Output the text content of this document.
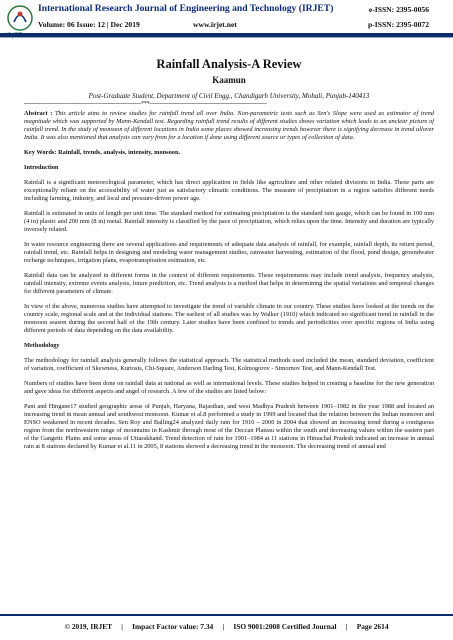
International Research Journal of Engineering and Technology (IRJET)	e-ISSN: 2395-0056
Volume: 06 Issue: 12 | Dec 2019	www.irjet.net	p-ISSN: 2395-0072
Rainfall Analysis-A Review
Kaamun
Post-Graduate Student, Department of Civil Engg., Chandigarh University, Mohali, Punjab-140413
---------------------------------------------------------------------***---------------------------------------------------------------------
Abstract : This article aims to review studies for rainfall trend all over India. Non-parametric tests such as Sen's Slope were used as estimator of trend magnitude which was supported by Mann-Kendall test. Regarding rainfall trend results of different studies shows variation which leads to an unclear picture of rainfall trend. In the study of monsoon of different locations in India some places showed increasing trends however there is signifying decrease in trend allover India. It was also mentioned that analysis can vary from for a location if done using different source or types of collection of data.
Key Words: Rainfall, trends, analysis, intensity, monsoon.
Introduction

Rainfall is a significant meteorological parameter, which has direct application in fields like agriculture and other related divisions in India. These parts are exceptionally reliant on the accessibility of water just as satisfactory climatic conditions. The measure of precipitation in a region satisfies different needs including farming, industry, and local and pressure-driven power age.

Rainfall is estimated in units of length per unit time. The standard method for estimating precipitation is the standard rain gauge, which can be found in 100 mm (4 in) plastic and 200 mm (8 in) metal. Rainfall intensity is classified by the pace of precipitation, which relies upon the time. Intensity and duration are typically inversely related.

In water resource engineering there are several applications and requirements of adequate data analysis of rainfall, for example, rainfall depth, its return period, rainfall trend, etc. Rainfall helps in designing and modeling water management studies, rainwater harvesting, estimation of the flood, pond design, groundwater recharge techniques, irrigation plans, evapotranspiration estimation, etc.

Rainfall data can be analyzed in different forms in the context of different requirements. These requirements may include trend analysis, frequency analysis, rainfall intensity, extreme events analysis, future prediction, etc. Trend analysis is a method that helps in determining the spatial variations and temporal changes for different parameters of climate.

In view of the above, numerous studies have attempted to investigate the trend of variable climate in our country. These studies have looked at the trends on the country scale, regional scale and at the individual stations. The earliest of all studies was by Walker (1910) which indicated no significant trend in rainfall in the monsoon season during the second half of the 19th century. Later studies have been confined to trends and periodicities over specific regions of India using different periods of data depending on the data availability.

Methodology

The methodology for rainfall analysis generally follows the statistical approach. The statistical methods used included the mean, standard deviation, coefficient of variation, coefficient of Skewness, Kurtosis, Chi-Square, Anderson Darling Test, Kolmogorov - Simornov Test, and Mann-Kendall Test.

Numbers of studies have been done on rainfall data at national as well as international levels. These studies helped in creating a baseline for the new generation and gave ideas for different aspects and angel of research. A few of the studies are listed below:

Pant and Hingane17 studied geographic areas of Punjab, Haryana, Rajasthan, and west Madhya Pradesh between 1901–1982 in the year 1988 and located an increasing trend in mean annual and southwest monsoon. Kumar et al.8 performed a study in 1999 and located that the relation between the Indian monsoon and ENSO weakened in recent decades. Sen Roy and Balling24 analyzed daily rain for 1910 – 2000 in 2004 that showed an increasing trend during a contiguous region from the northwestern range of mountains in Kashmir through most of the Deccan Plateau within the south and decreasing values within the eastern part of the Gangetic Plains and some areas of Uttarakhand. Trend detection of rain for 1901–1984 at 11 stations in Himachal Pradesh indicated an increase in annual rain at 8 stations declared by Kumar et al.11 in 2005, 8 stations showed a decreasing trend in the monsoon. The decreasing trend of annual and

© 2019, IRJET     |     Impact Factor value: 7.34     |     ISO 9001:2008 Certified Journal     |     Page 2614
